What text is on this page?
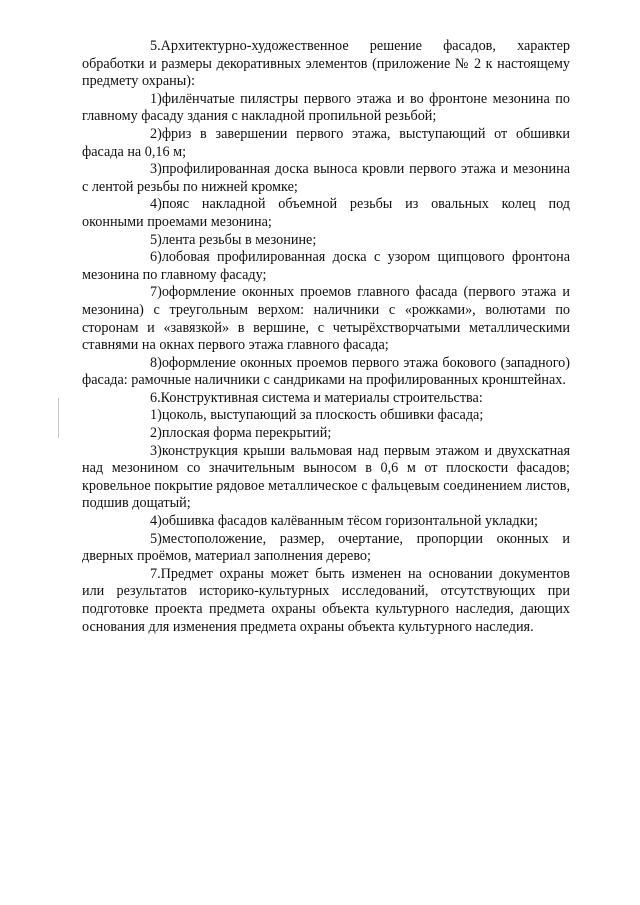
5.Архитектурно-художественное решение фасадов, характер обработки и размеры декоративных элементов (приложение № 2 к настоящему предмету охраны):

1)филёнчатые пилястры первого этажа и во фронтоне мезонина по главному фасаду здания с накладной пропильной резьбой;

2)фриз в завершении первого этажа, выступающий от обшивки фасада на 0,16 м;

3)профилированная доска выноса кровли первого этажа и мезонина с лентой резьбы по нижней кромке;

4)пояс накладной объемной резьбы из овальных колец под оконными проемами мезонина;

5)лента резьбы в мезонине;

6)лобовая профилированная доска с узором щипцового фронтона мезонина по главному фасаду;

7)оформление оконных проемов главного фасада (первого этажа и мезонина) с треугольным верхом: наличники с «рожками», волютами по сторонам и «завязкой» в вершине, с четырёхстворчатыми металлическими ставнями на окнах первого этажа главного фасада;

8)оформление оконных проемов первого этажа бокового (западного) фасада: рамочные наличники с сандриками на профилированных кронштейнах.

6.Конструктивная система и материалы строительства:

1)цоколь, выступающий за плоскость обшивки фасада;

2)плоская форма перекрытий;

3)конструкция крыши вальмовая над первым этажом и двухскатная над мезонином со значительным выносом в 0,6 м от плоскости фасадов; кровельное покрытие рядовое металлическое с фальцевым соединением листов, подшив дощатый;

4)обшивка фасадов калёванным тёсом горизонтальной укладки;

5)местоположение, размер, очертание, пропорции оконных и дверных проёмов, материал заполнения дерево;

7.Предмет охраны может быть изменен на основании документов или результатов историко-культурных исследований, отсутствующих при подготовке проекта предмета охраны объекта культурного наследия, дающих основания для изменения предмета охраны объекта культурного наследия.
